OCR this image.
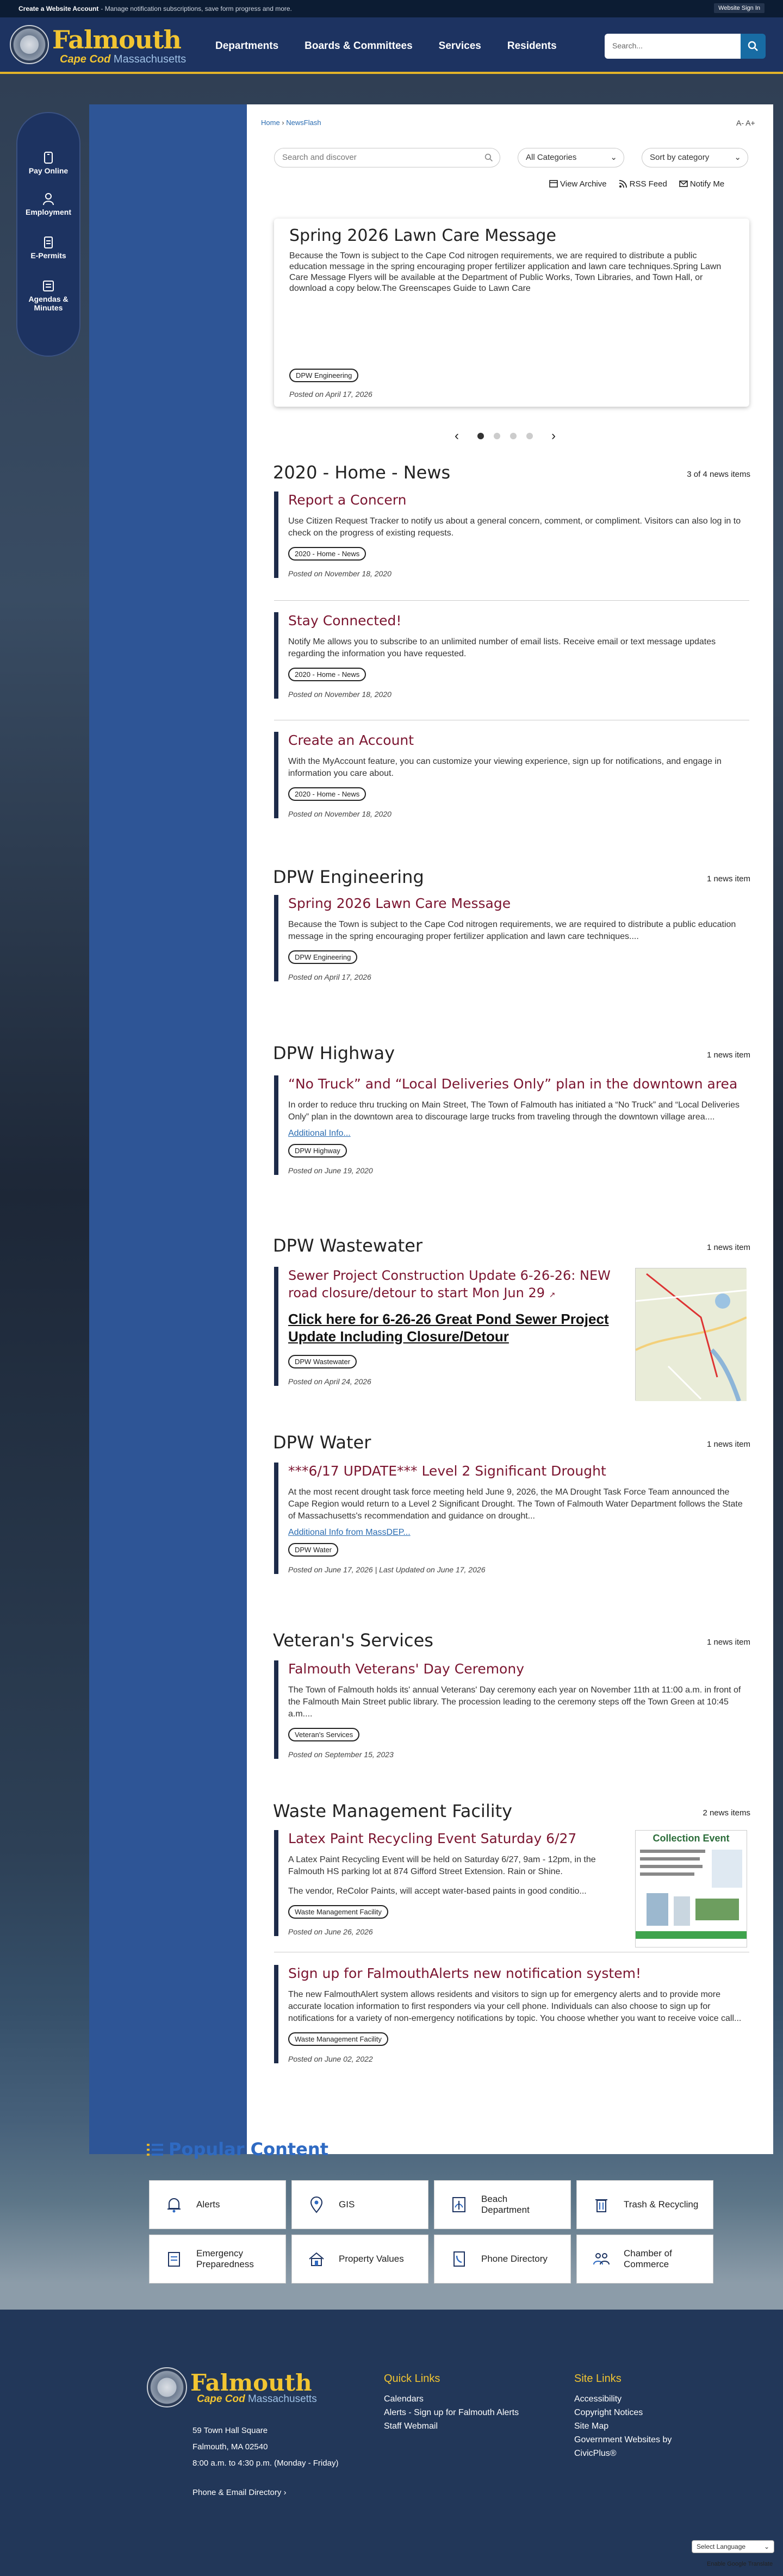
Create a Website Account - Manage notification subscriptions, save form progress and more.	Website Sign In
Falmouth
Cape Cod Massachusetts
Departments	Boards & Committees	Services	Residents	Search...
Pay Online
Employment
E-Permits
Agendas & Minutes
Home › NewsFlash	A- A+
Search and discover	All Categories	⌄	Sort by category	⌄
View Archive	RSS Feed	Notify Me
Spring 2026 Lawn Care Message

Because the Town is subject to the Cape Cod nitrogen requirements, we are required to distribute a public education message in the spring encouraging proper fertilizer application and lawn care techniques.Spring Lawn Care Message Flyers will be available at the Department of Public Works, Town Libraries, and Town Hall, or download a copy below.The Greenscapes Guide to Lawn Care

DPW Engineering
Posted on April 17, 2026
‹	›
2020 - Home - News	3 of 4 news items
Report a Concern

Use Citizen Request Tracker to notify us about a general concern, comment, or compliment. Visitors can also log in to check on the progress of existing requests.

2020 - Home - News
Posted on November 18, 2020
Stay Connected!

Notify Me allows you to subscribe to an unlimited number of email lists. Receive email or text message updates regarding the information you have requested.

2020 - Home - News
Posted on November 18, 2020
Create an Account

With the MyAccount feature, you can customize your viewing experience, sign up for notifications, and engage in information you care about.

2020 - Home - News
Posted on November 18, 2020
DPW Engineering	1 news item
Spring 2026 Lawn Care Message

Because the Town is subject to the Cape Cod nitrogen requirements, we are required to distribute a public education message in the spring encouraging proper fertilizer application and lawn care techniques....

DPW Engineering
Posted on April 17, 2026
DPW Highway	1 news item
“No Truck” and “Local Deliveries Only” plan in the downtown area

In order to reduce thru trucking on Main Street, The Town of Falmouth has initiated a “No Truck” and “Local Deliveries Only” plan in the downtown area to discourage large trucks from traveling through the downtown village area....

Additional Info...
DPW Highway
Posted on June 19, 2020
DPW Wastewater	1 news item
Sewer Project Construction Update 6-26-26: NEW road closure/detour to start Mon Jun 29 ↗
Click here for 6-26-26 Great Pond Sewer Project Update Including Closure/Detour
DPW Wastewater
Posted on April 24, 2026
DPW Water	1 news item
***6/17 UPDATE*** Level 2 Significant Drought

At the most recent drought task force meeting held June 9, 2026, the MA Drought Task Force Team announced the Cape Region would return to a Level 2 Significant Drought. The Town of Falmouth Water Department follows the State of Massachusetts's recommendation and guidance on drought...

Additional Info from MassDEP...
DPW Water
Posted on June 17, 2026 | Last Updated on June 17, 2026
Veteran's Services	1 news item
Falmouth Veterans' Day Ceremony

The Town of Falmouth holds its' annual Veterans' Day ceremony each year on November 11th at 11:00 a.m. in front of the Falmouth Main Street public library. The procession leading to the ceremony steps off the Town Green at 10:45 a.m....

Veteran's Services
Posted on September 15, 2023
Waste Management Facility	2 news items
Latex Paint Recycling Event Saturday 6/27

A Latex Paint Recycling Event will be held on Saturday 6/27, 9am - 12pm, in the Falmouth HS parking lot at 874 Gifford Street Extension. Rain or Shine.

The vendor, ReColor Paints, will accept water-based paints in good conditio...

Waste Management Facility
Posted on June 26, 2026
Collection Event
Sign up for FalmouthAlerts new notification system!

The new FalmouthAlert system allows residents and visitors to sign up for emergency alerts and to provide more accurate location information to first responders via your cell phone. Individuals can also choose to sign up for notifications for a variety of non-emergency notifications by topic. You choose whether you want to receive voice call...

Waste Management Facility
Posted on June 02, 2022
Popular Content
Alerts	GIS
Beach Department
Trash & Recycling
Emergency Preparedness
Property Values	Phone Directory
Chamber of Commerce
Falmouth
Cape Cod Massachusetts
59 Town Hall Square
Falmouth, MA 02540
8:00 a.m. to 4:30 p.m. (Monday - Friday)
Phone & Email Directory ›
Quick Links
Calendars
Alerts - Sign up for Falmouth Alerts
Staff Webmail
Site Links
Accessibility
Copyright Notices
Site Map
Government Websites by CivicPlus®
Select Language	⌄
Enable Google Translate
